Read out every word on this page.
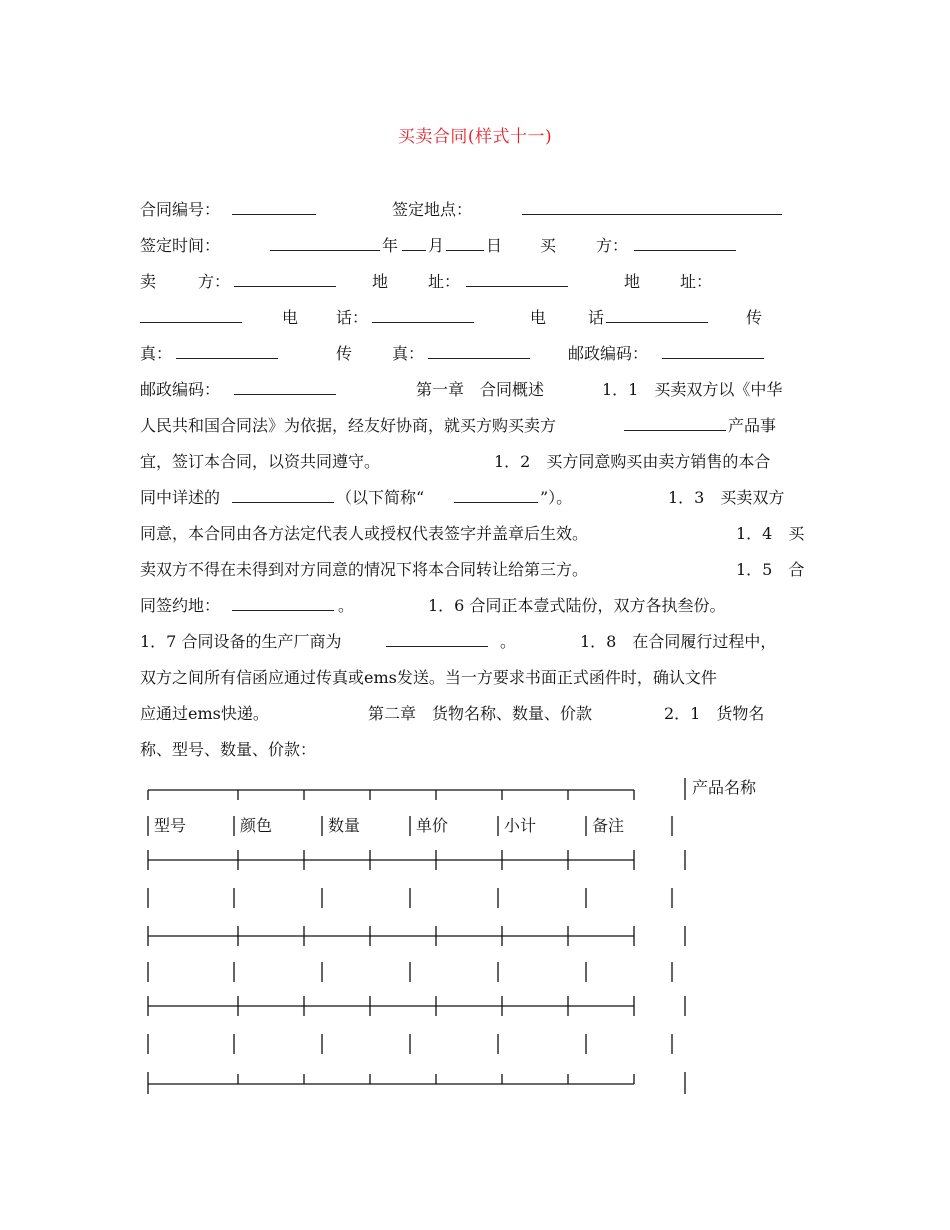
买卖合同(样式十一)
合同编号：	签定地点：
签定时间：	年 月	日 买 方：
卖	方：	地 址：	地 址：
电 话：	电	话	传
真：	传 真：	邮政编码：
邮政编码：	第一章　合同概述	1．1　买卖双方以《中华
人民共和国合同法》为依据，经友好协商，就买方购买卖方	产品事
宜，签订本合同，以资共同遵守。	1．2　买方同意购买由卖方销售的本合
同中详述的	（以下简称“	”）。	1．3　买卖双方
同意，本合同由各方法定代表人或授权代表签字并盖章后生效。	1．4　买
卖双方不得在未得到对方同意的情况下将本合同转让给第三方。	1．5　合
同签约地：	。	1．6 合同正本壹式陆份，双方各执叁份。
1．7 合同设备的生产厂商为	。	1．8　在合同履行过程中，
双方之间所有信函应通过传真或ems发送。当一方要求书面正式函件时，确认文件
应通过ems快递。	第二章　货物名称、数量、价款	2．1　货物名
称、型号、数量、价款：
产品名称
型号	颜色	数量	单价	小计	备注
